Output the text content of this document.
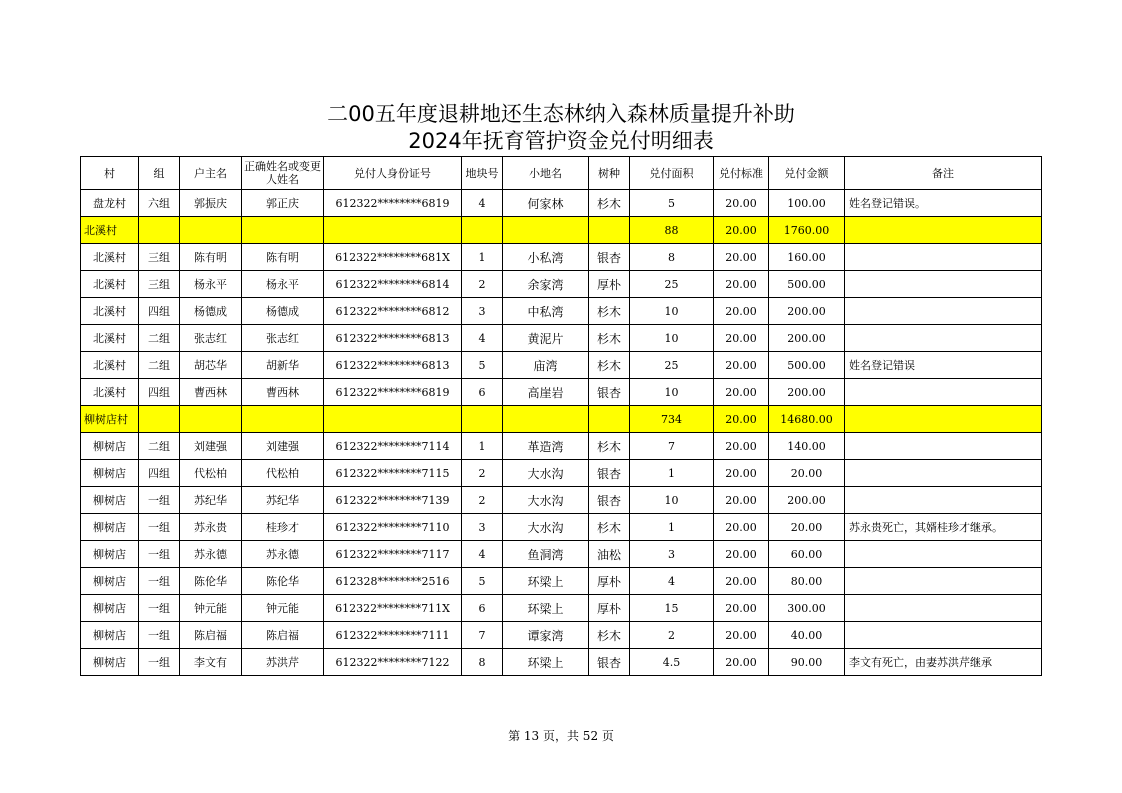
二00五年度退耕地还生态林纳入森林质量提升补助
2024年抚育管护资金兑付明细表
村	组	户主名	正确姓名或变更人姓名	兑付人身份证号	地块号	小地名	树种	兑付面积	兑付标准	兑付金额	备注
盘龙村	六组	郭振庆	郭正庆	612322********6819	4	何家林	杉木	5	20.00	100.00	姓名登记错误。
北溪村								88	20.00	1760.00	
北溪村	三组	陈有明	陈有明	612322********681X	1	小私湾	银杏	8	20.00	160.00	
北溪村	三组	杨永平	杨永平	612322********6814	2	余家湾	厚朴	25	20.00	500.00	
北溪村	四组	杨德成	杨德成	612322********6812	3	中私湾	杉木	10	20.00	200.00	
北溪村	二组	张志红	张志红	612322********6813	4	黄泥片	杉木	10	20.00	200.00	
北溪村	二组	胡芯华	胡新华	612322********6813	5	庙湾	杉木	25	20.00	500.00	姓名登记错误
北溪村	四组	曹西林	曹西林	612322********6819	6	高崖岩	银杏	10	20.00	200.00	
柳树店村								734	20.00	14680.00	
柳树店	二组	刘建强	刘建强	612322********7114	1	革造湾	杉木	7	20.00	140.00	
柳树店	四组	代松柏	代松柏	612322********7115	2	大水沟	银杏	1	20.00	20.00	
柳树店	一组	苏纪华	苏纪华	612322********7139	2	大水沟	银杏	10	20.00	200.00	
柳树店	一组	苏永贵	桂珍才	612322********7110	3	大水沟	杉木	1	20.00	20.00	苏永贵死亡，其婿桂珍才继承。
柳树店	一组	苏永德	苏永德	612322********7117	4	鱼洞湾	油松	3	20.00	60.00	
柳树店	一组	陈伦华	陈伦华	612328********2516	5	环梁上	厚朴	4	20.00	80.00	
柳树店	一组	钟元能	钟元能	612322********711X	6	环梁上	厚朴	15	20.00	300.00	
柳树店	一组	陈启福	陈启福	612322********7111	7	谭家湾	杉木	2	20.00	40.00	
柳树店	一组	李文有	苏洪芹	612322********7122	8	环梁上	银杏	4.5	20.00	90.00	李文有死亡，由妻苏洪芹继承
第 13 页，共 52 页
